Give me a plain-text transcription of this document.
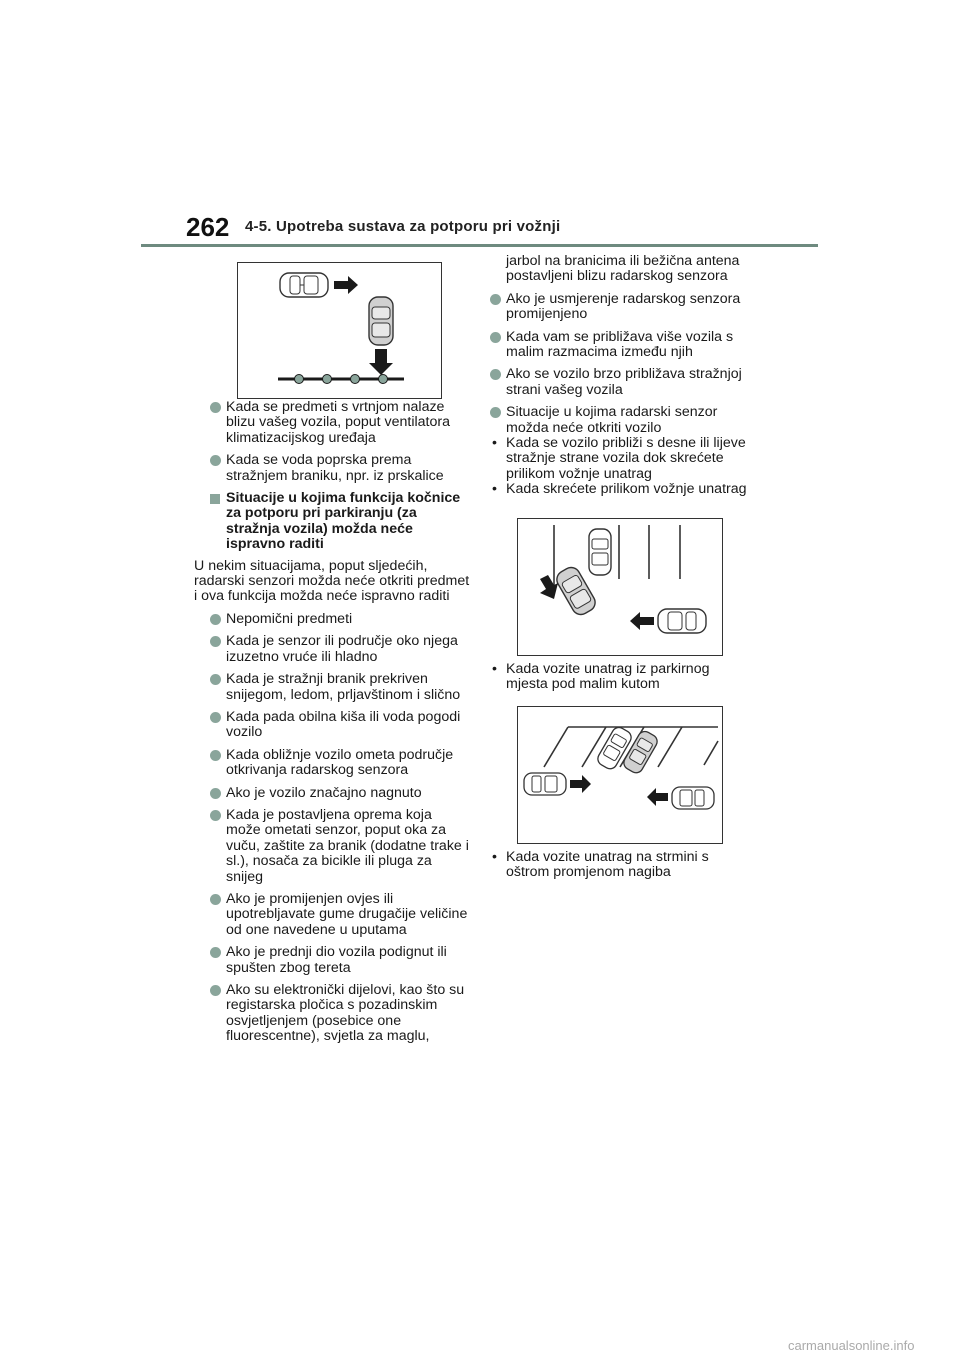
262 4-5. Upotreba sustava za potporu pri vožnji
Kada se predmeti s vrtnjom nalaze blizu vašeg vozila, poput ventilatora klimatizacijskog uređaja
Kada se voda poprska prema stražnjem braniku, npr. iz prskalice
Situacije u kojima funkcija kočnice za potporu pri parkiranju (za stražnja vozila) možda neće ispravno raditi
U nekim situacijama, poput sljedećih, radarski senzori možda neće otkriti predmet i ova funkcija možda neće ispravno raditi
Nepomični predmeti
Kada je senzor ili područje oko njega izuzetno vruće ili hladno
Kada je stražnji branik prekriven snijegom, ledom, prljavštinom i slično
Kada pada obilna kiša ili voda pogodi vozilo
Kada obližnje vozilo ometa područje otkrivanja radarskog senzora
Ako je vozilo značajno nagnuto
Kada je postavljena oprema koja može ometati senzor, poput oka za vuču, zaštite za branik (dodatne trake i sl.), nosača za bicikle ili pluga za snijeg
Ako je promijenjen ovjes ili upotrebljavate gume drugačije veličine od one navedene u uputama
Ako je prednji dio vozila podignut ili spušten zbog tereta
Ako su elektronički dijelovi, kao što su registarska pločica s pozadinskim osvjetljenjem (posebice one fluorescentne), svjetla za maglu,
jarbol na branicima ili bežična antena postavljeni blizu radarskog senzora
Ako je usmjerenje radarskog senzora promijenjeno
Kada vam se približava više vozila s malim razmacima između njih
Ako se vozilo brzo približava stražnjoj strani vašeg vozila
Situacije u kojima radarski senzor možda neće otkriti vozilo
• Kada se vozilo približi s desne ili lijeve stražnje strane vozila dok skrećete prilikom vožnje unatrag
• Kada skrećete prilikom vožnje unatrag
• Kada vozite unatrag iz parkirnog mjesta pod malim kutom
• Kada vozite unatrag na strmini s oštrom promjenom nagiba
carmanualsonline.info
